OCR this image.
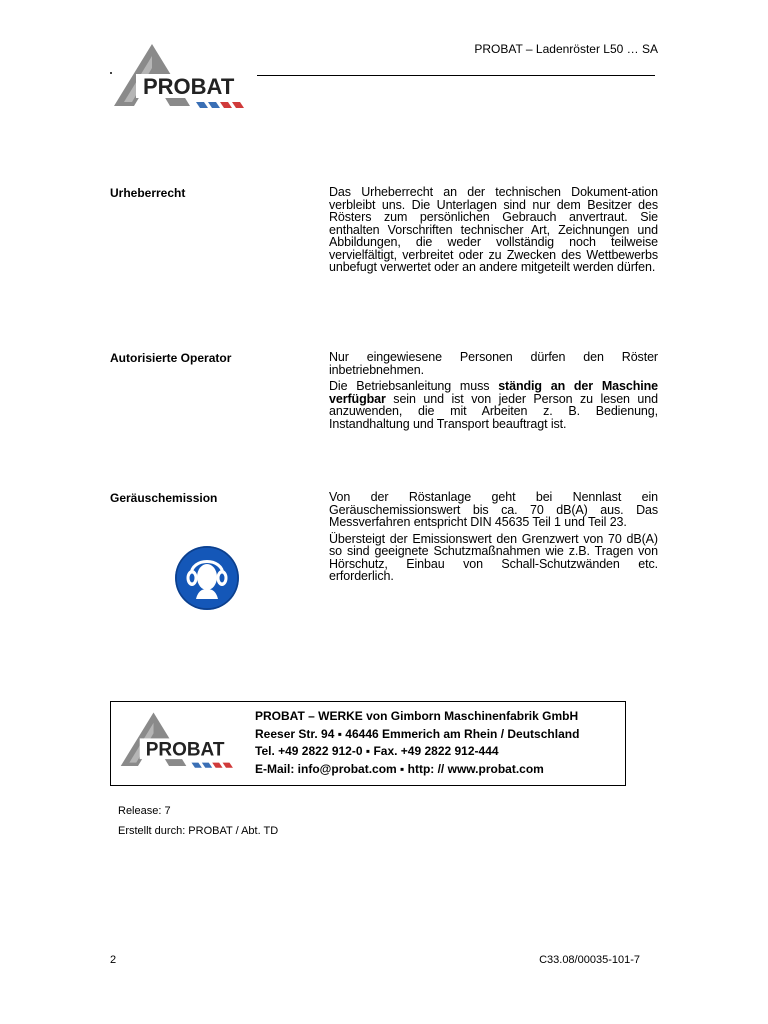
PROBAT
PROBAT – Ladenröster L50 … SA
Urheberrecht	Das Urheberrecht an der technischen Dokument-ation verbleibt uns. Die Unterlagen sind nur dem Besitzer des Rösters zum persönlichen Gebrauch anvertraut. Sie enthalten Vorschriften technischer Art, Zeichnungen und Abbildungen, die weder vollständig noch teilweise vervielfältigt, verbreitet oder zu Zwecken des Wettbewerbs unbefugt verwertet oder an andere mitgeteilt werden dürfen.

Autorisierte Operator	Nur eingewiesene Personen dürfen den Röster inbetriebnehmen.

Die Betriebsanleitung muss ständig an der Maschine verfügbar sein und ist von jeder Person zu lesen und anzuwenden, die mit Arbeiten z. B. Bedienung, Instandhaltung und Transport beauftragt ist.

Geräuschemission	Von der Röstanlage geht bei Nennlast ein Geräuschemissionswert bis ca. 70 dB(A) aus. Das Messverfahren entspricht DIN 45635 Teil 1 und Teil 23.

Übersteigt der Emissionswert den Grenzwert von 70 dB(A) so sind geeignete Schutzmaßnahmen wie z.B. Tragen von Hörschutz, Einbau von Schall-Schutzwänden etc. erforderlich.

PROBAT
PROBAT – WERKE von Gimborn Maschinenfabrik GmbH
Reeser Str. 94 ▪ 46446 Emmerich am Rhein / Deutschland
Tel. +49 2822 912-0 ▪ Fax. +49 2822 912-444
E-Mail: info@probat.com ▪ http: // www.probat.com
Release: 7
Erstellt durch: PROBAT / Abt. TD
2	C33.08/00035-101-7
